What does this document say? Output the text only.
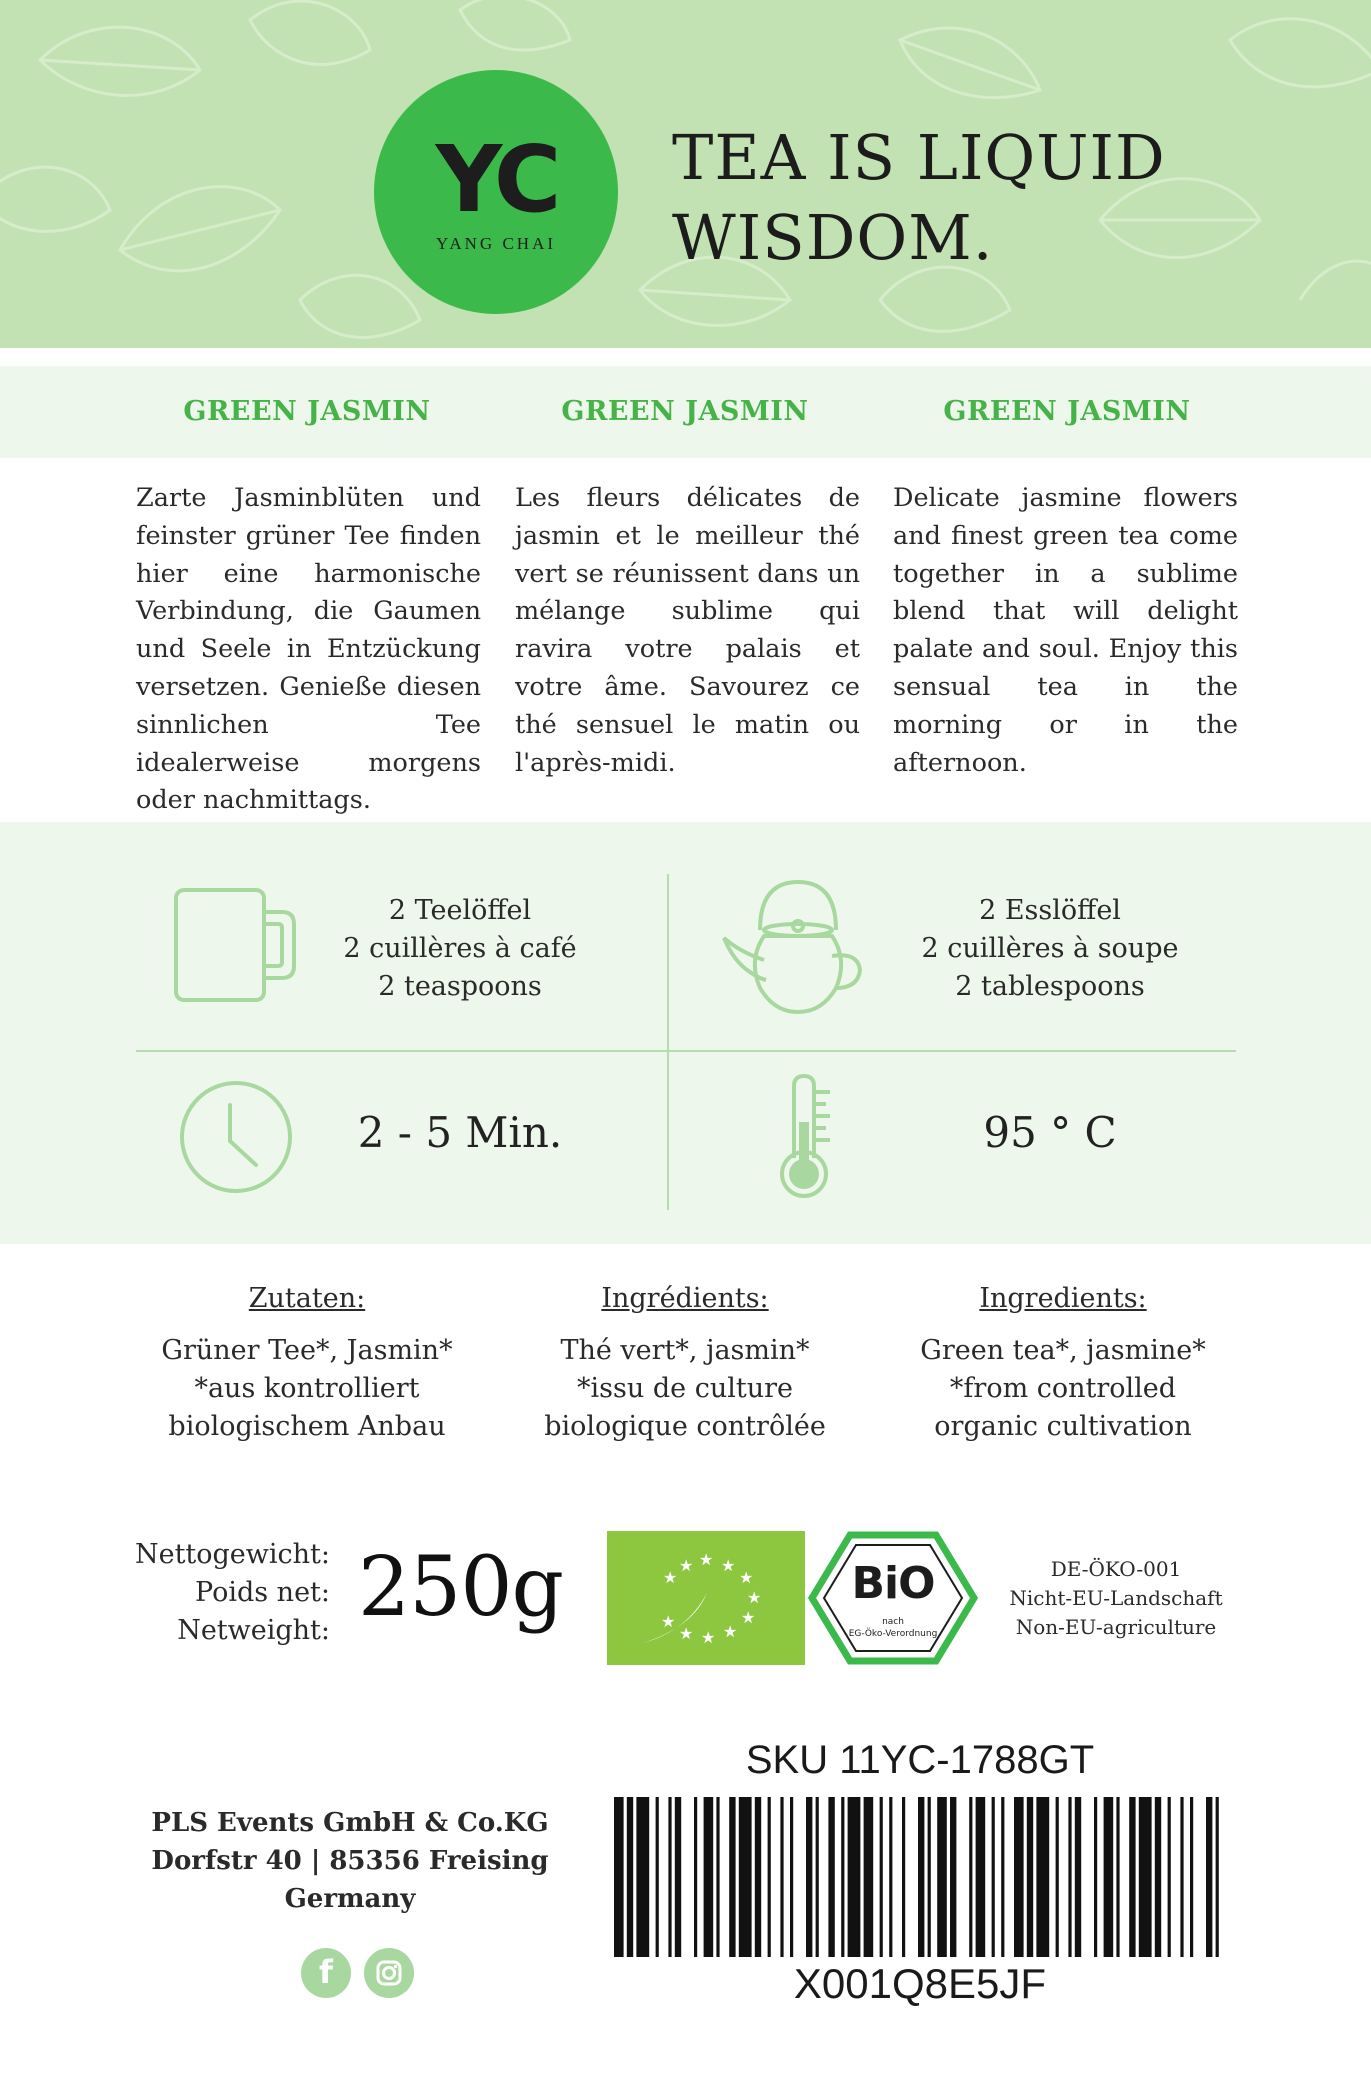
YC
YANG CHAI
TEA IS LIQUID
WISDOM.
GREEN JASMIN	GREEN JASMIN	GREEN JASMIN
Zarte Jasminblüten und feinster grüner Tee finden hier eine harmonische Verbindung, die Gaumen und Seele in Entzückung versetzen. Genieße diesen sinnlichen Tee idealerweise morgens oder nachmittags.
Les fleurs délicates de jasmin et le meilleur thé vert se réunissent dans un mélange sublime qui ravira votre palais et votre âme. Savourez ce thé sensuel le matin ou l'après-midi.
Delicate jasmine flowers and finest green tea come together in a sublime blend that will delight palate and soul. Enjoy this sensual tea in the morning or in the afternoon.
2 Teelöffel
2 cuillères à café
2 teaspoons
2 Esslöffel
2 cuillères à soupe
2 tablespoons
2 - 5 Min.	95 ° C
Zutaten:
Grüner Tee*, Jasmin*
*aus kontrolliert
biologischem Anbau
Ingrédients:
Thé vert*, jasmin*
*issu de culture
biologique contrôlée
Ingredients:
Green tea*, jasmine*
*from controlled
organic cultivation
Nettogewicht:
Poids net:
Netweight: 250g	★ ★
★
★
★
★
★
★
★
★
★	BiO
nach
EG-Öko-Verordnung
DE-ÖKO-001
Nicht-EU-Landschaft
Non-EU-agriculture
PLS Events GmbH & Co.KG
Dorfstr 40 | 85356 Freising
Germany
f
SKU 11YC-1788GT
X001Q8E5JF
